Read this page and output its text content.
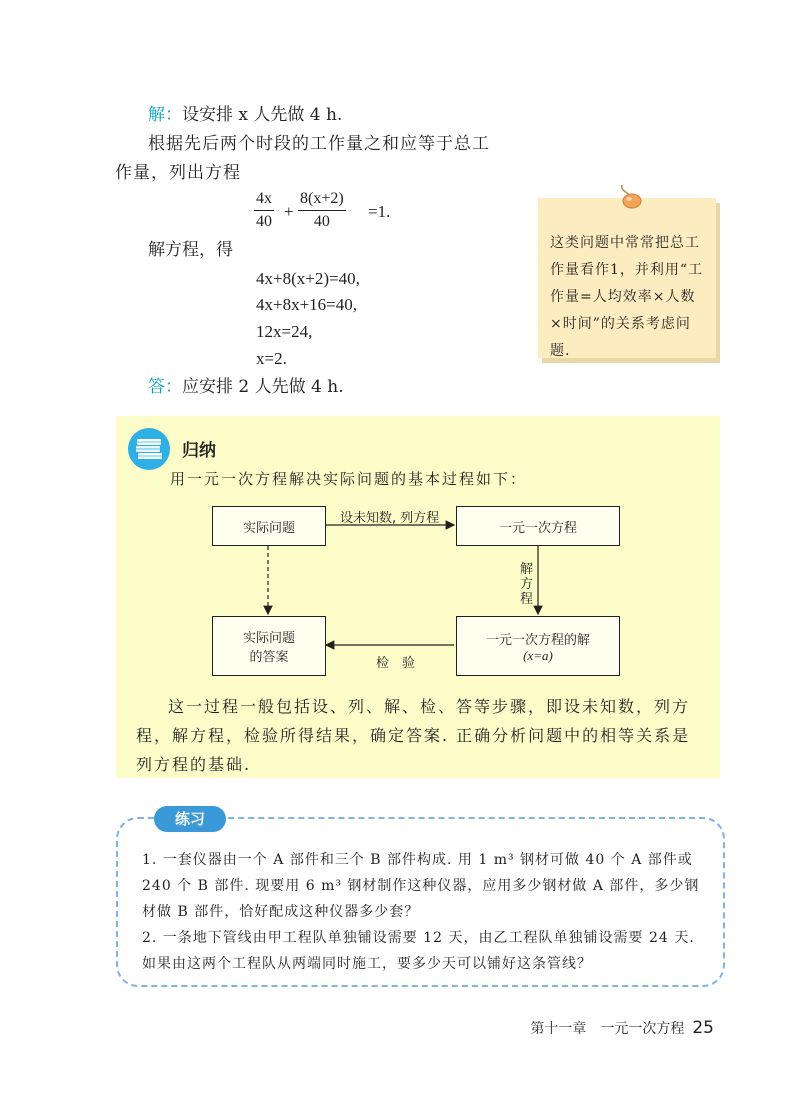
解：设安排 x 人先做 4 h.
根据先后两个时段的工作量之和应等于总工
作量，列出方程
$\frac{4x}{40} + \frac{8(x+2)}{40} =1$.
解方程，得
4x+8(x+2)=40,
4x+8x+16=40,
12x=24,
x=2.
答：应安排 2 人先做 4 h.
这类问题中常常把总工作量看作1，并利用“工作量=人均效率×人数×时间”的关系考虑问题.
归纳
用一元一次方程解决实际问题的基本过程如下：
实际问题	一元一次方程
实际问题
的答案
一元一次方程的解
(x=a)
设未知数, 列方程
解
方
程
检　验
这一过程一般包括设、列、解、检、答等步骤，即设未知数，列方程，解方程，检验所得结果，确定答案. 正确分析问题中的相等关系是列方程的基础.
练习
1. 一套仪器由一个 A 部件和三个 B 部件构成. 用 1 m³ 钢材可做 40 个 A 部件或 240 个 B 部件. 现要用 6 m³ 钢材制作这种仪器，应用多少钢材做 A 部件，多少钢材做 B 部件，恰好配成这种仪器多少套？
2. 一条地下管线由甲工程队单独铺设需要 12 天，由乙工程队单独铺设需要 24 天. 如果由这两个工程队从两端同时施工，要多少天可以铺好这条管线？
第十一章　一元一次方程 25
